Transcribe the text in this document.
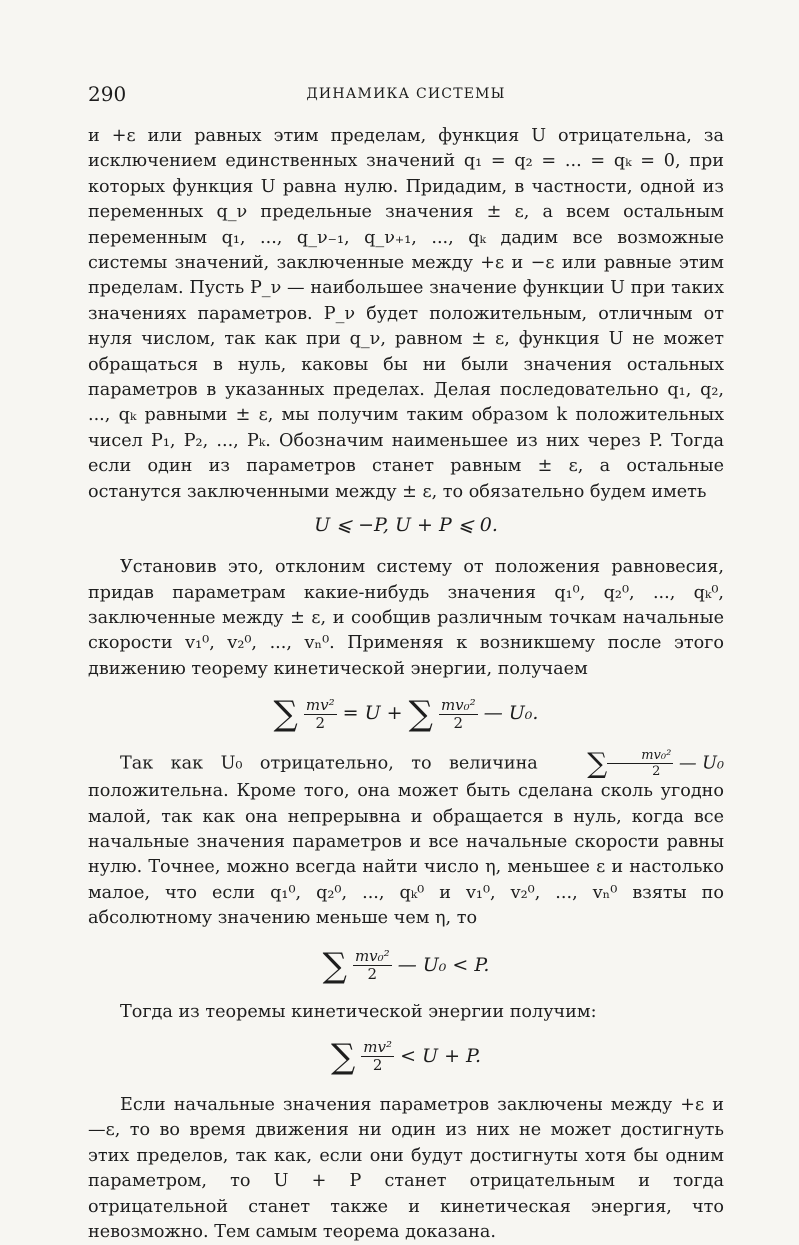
290	ДИНАМИКА СИСТЕМЫ

и +ε или равных этим пределам, функция U отрицательна, за исключением единственных значений q₁ = q₂ = ... = qₖ = 0, при которых функция U равна нулю. Придадим, в частности, одной из переменных q_ν предельные значения ± ε, а всем остальным переменным q₁, ..., q_ν₋₁, q_ν₊₁, ..., qₖ дадим все возможные системы значений, заключенные между +ε и −ε или равные этим пределам. Пусть P_ν — наибольшее значение функции U при таких значениях параметров. P_ν будет положительным, отличным от нуля числом, так как при q_ν, равном ± ε, функция U не может обращаться в нуль, каковы бы ни были значения остальных параметров в указанных пределах. Делая последовательно q₁, q₂, ..., qₖ равными ± ε, мы получим таким образом k положительных чисел P₁, P₂, ..., Pₖ. Обозначим наименьшее из них через P. Тогда если один из параметров станет равным ± ε, а остальные останутся заключенными между ± ε, то обязательно будем иметь

U ⩽ −P, U + P ⩽ 0.

Установив это, отклоним систему от положения равновесия, придав параметрам какие-нибудь значения q₁⁰, q₂⁰, ..., qₖ⁰, заключенные между ± ε, и сообщив различным точкам начальные скорости v₁⁰, v₂⁰, ..., vₙ⁰. Применяя к возникшему после этого движению теорему кинетической энергии, получаем

∑ $\frac{\text{mv²}}{2} = U$ + ∑ $\frac{\text{mv₀²}}{2}$ — U₀.

Так как U₀ отрицательно, то величина ∑ $\frac{\text{mv₀²}}{2}$ — U₀ положительна. Кроме того, она может быть сделана сколь угодно малой, так как она непрерывна и обращается в нуль, когда все начальные значения параметров и все начальные скорости равны нулю. Точнее, можно всегда найти число η, меньшее ε и настолько малое, что если q₁⁰, q₂⁰, ..., qₖ⁰ и v₁⁰, v₂⁰, ..., vₙ⁰ взяты по абсолютному значению меньше чем η, то

∑ $\frac{\text{mv₀²}}{2}$ — U₀ < P.

Тогда из теоремы кинетической энергии получим:

∑ $\frac{\text{mv²}}{2} < U + P$.

Если начальные значения параметров заключены между +ε и —ε, то во время движения ни один из них не может достигнуть этих пределов, так как, если они будут достигнуты хотя бы одним параметром, то U + P станет отрицательным и тогда отрицательной станет также и кинетическая энергия, что невозможно. Тем самым теорема доказана.
